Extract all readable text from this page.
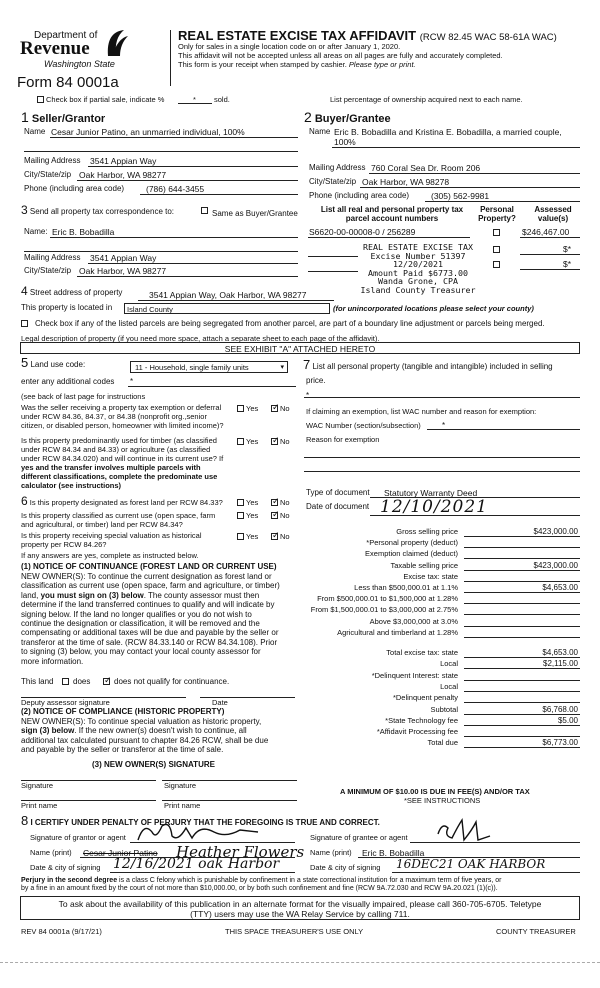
Department of
Revenue
Washington State
Form 84 0001a
REAL ESTATE EXCISE TAX AFFIDAVIT (RCW 82.45 WAC 58-61A WAC)
Only for sales in a single location code on or after January 1, 2020.
This affidavit will not be accepted unless all areas on all pages are fully and accurately completed.
This form is your receipt when stamped by cashier. Please type or print.
Check box if partial sale, indicate %	* sold.	List percentage of ownership acquired next to each name.
1 Seller/Grantor
Name Cesar Junior Patino, an unmarried individual, 100%
Mailing Address 3541 Appian Way
City/State/zip Oak Harbor, WA 98277
Phone (including area code)	(786) 644-3455
2 Buyer/Grantee
Name Eric B. Bobadilla and Kristina E. Bobadilla, a married couple,
100%
Mailing Address 760 Coral Sea Dr. Room 206
City/State/zip Oak Harbor, WA 98278
Phone (including area code)	(305) 562-9981
3 Send all property tax correspondence to:	Same as Buyer/Grantee
Name: Eric B. Bobadilla
Mailing Address 3541 Appian Way
City/State/zip Oak Harbor, WA 98277
List all real and personal property tax
parcel account numbers
Personal
Property?
Assessed
value(s)
S6620-00-00008-0 / 256289	$246,467.00
$*
$*
REAL ESTATE EXCISE TAX
Excise Number 51397
12/20/2021
Amount Paid $6773.00
Wanda Grone, CPA
Island County Treasurer
4 Street address of property	3541 Appian Way, Oak Harbor, WA 98277
This property is located in Island County	(for unincorporated locations please select your county)
Check box if any of the listed parcels are being segregated from another parcel, are part of a boundary line adjustment or parcels being merged.
Legal description of property (if you need more space, attach a separate sheet to each page of the affidavit).
SEE EXHIBIT "A" ATTACHED HERETO
5 Land use code:	11 - Household, single family units	▾
enter any additional codes *
(see back of last page for instructions
Was the seller receiving a property tax exemption or deferral
under RCW 84.36, 84.37, or 84.38 (nonprofit org.,senior
citizen, or disabled person, homeowner with limited income)?
Yes ✓	No
Is this property predominantly used for timber (as classified
under RCW 84.34 and 84.33) or agriculture (as classified
under RCW 84.34.020) and will continue in its current use? If
yes and the transfer involves multiple parcels with
different classifications, complete the predominate use
calculator (see instructions)
Yes ✓	No
6 Is this property designated as forest land per RCW 84.33?	Yes ✓	No
Is this property classified as current use (open space, farm
and agricultural, or timber) land per RCW 84.34?
Yes ✓	No
Is this property receiving special valuation as historical
property per RCW 84.26?
Yes ✓	No
If any answers are yes, complete as instructed below.
(1) NOTICE OF CONTINUANCE (FOREST LAND OR CURRENT USE)
NEW OWNER(S): To continue the current designation as forest land or
classification as current use (open space, farm and agriculture, or timber)
land, you must sign on (3) below. The county assessor must then
determine if the land transferred continues to qualify and will indicate by
signing below. If the land no longer qualifies or you do not wish to
continue the designation or classification, it will be removed and the
compensating or additional taxes will be due and payable by the seller or
transferor at the time of sale. (RCW 84.33.140 or RCW 84.34.108). Prior
to signing (3) below, you may contact your local county assessor for
more information.
This land does ✓	does not qualify for continuance.
Deputy assessor signature	Date
(2) NOTICE OF COMPLIANCE (HISTORIC PROPERTY)
NEW OWNER(S): To continue special valuation as historic property,
sign (3) below. If the new owner(s) doesn't wish to continue, all
additional tax calculated pursuant to chapter 84.26 RCW, shall be due
and payable by the seller or transferor at the time of sale.
(3) NEW OWNER(S) SIGNATURE
Signature	Signature
Print name	Print name
7 List all personal property (tangible and intangible) included in selling
price.
*
If claiming an exemption, list WAC number and reason for exemption:
WAC Number (section/subsection)	*
Reason for exemption
Type of document Statutory Warranty Deed
Date of document 12/10/2021
Gross selling price	$423,000.00
*Personal property (deduct)
Exemption claimed (deduct)
Taxable selling price	$423,000.00
Excise tax: state
Less than $500,000.01 at 1.1%	$4,653.00
From $500,000.01 to $1,500,000 at 1.28%
From $1,500,000.01 to $3,000,000 at 2.75%
Above $3,000,000 at 3.0%
Agricultural and timberland at 1.28%
Total excise tax: state	$4,653.00
Local	$2,115.00
*Delinquent Interest: state
Local
*Delinquent penalty
Subtotal	$6,768.00
*State Technology fee	$5.00
*Affidavit Processing fee
Total due	$6,773.00
A MINIMUM OF $10.00 IS DUE IN FEE(S) AND/OR TAX
*SEE INSTRUCTIONS
8 I CERTIFY UNDER PENALTY OF PERJURY THAT THE FOREGOING IS TRUE AND CORRECT.
Signature of grantor or agent
Name (print) Cesar Junior Patino Heather Flowers
Date & city of signing 12/16/2021 oak Harbor
Signature of grantee or agent
Name (print) Eric B. Bobadilla
Date & city of signing 16DEC21 OAK HARBOR
Perjury in the second degree is a class C felony which is punishable by confinement in a state correctional institution for a maximum term of five years, or
by a fine in an amount fixed by the court of not more than $10,000.00, or by both such confinement and fine (RCW 9A.72.030 and RCW 9A.20.021 (1)(c)).
To ask about the availability of this publication in an alternate format for the visually impaired, please call 360-705-6705. Teletype
(TTY) users may use the WA Relay Service by calling 711.
REV 84 0001a (9/17/21)	THIS SPACE TREASURER'S USE ONLY	COUNTY TREASURER
